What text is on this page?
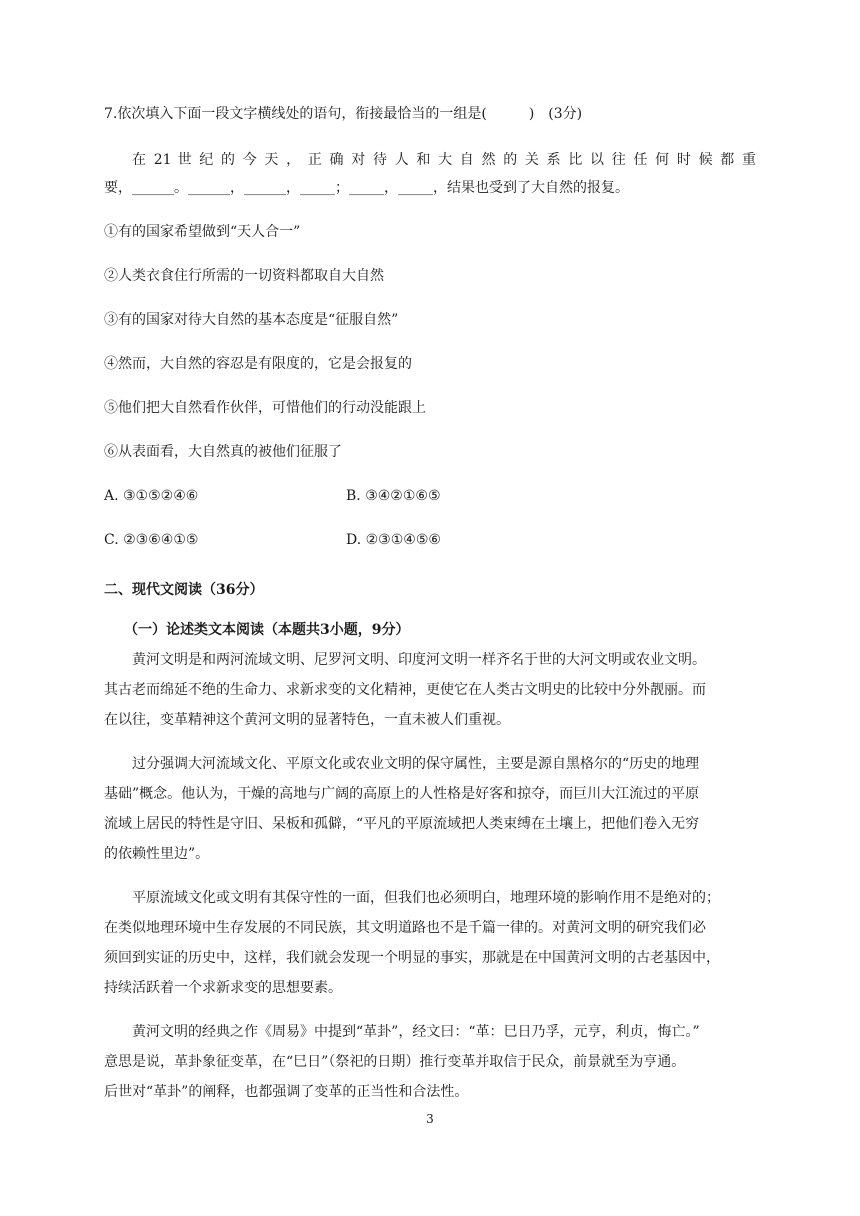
7.依次填入下面一段文字横线处的语句，衔接最恰当的一组是(　　　)　(3分)
在 21 世 纪 的 今 天 ， 正 确 对 待 人 和 大 自 然 的 关 系 比 以 往 任 何 时 候 都 重
要，______。______，______，_____；_____，_____，结果也受到了大自然的报复。
①有的国家希望做到“天人合一”
②人类衣食住行所需的一切资料都取自大自然
③有的国家对待大自然的基本态度是“征服自然”
④然而，大自然的容忍是有限度的，它是会报复的
⑤他们把大自然看作伙伴，可惜他们的行动没能跟上
⑥从表面看，大自然真的被他们征服了
A. ③①⑤②④⑥	B. ③④②①⑥⑤
C. ②③⑥④①⑤	D. ②③①④⑤⑥
二、现代文阅读（36分）
（一）论述类文本阅读（本题共3小题，9分）
黄河文明是和两河流域文明、尼罗河文明、印度河文明一样齐名于世的大河文明或农业文明。
其古老而绵延不绝的生命力、求新求变的文化精神，更使它在人类古文明史的比较中分外靓丽。而
在以往，变革精神这个黄河文明的显著特色，一直未被人们重视。
过分强调大河流域文化、平原文化或农业文明的保守属性，主要是源自黑格尔的“历史的地理
基础”概念。他认为，干燥的高地与广阔的高原上的人性格是好客和掠夺，而巨川大江流过的平原
流域上居民的特性是守旧、呆板和孤僻，“平凡的平原流域把人类束缚在土壤上，把他们卷入无穷
的依赖性里边”。
平原流域文化或文明有其保守性的一面，但我们也必须明白，地理环境的影响作用不是绝对的；
在类似地理环境中生存发展的不同民族，其文明道路也不是千篇一律的。对黄河文明的研究我们必
须回到实证的历史中，这样，我们就会发现一个明显的事实，那就是在中国黄河文明的古老基因中，
持续活跃着一个求新求变的思想要素。
黄河文明的经典之作《周易》中提到“革卦”，经文曰：“革：巳日乃孚，元亨，利贞，悔亡。”
意思是说，革卦象征变革，在“巳日”（祭祀的日期）推行变革并取信于民众，前景就至为亨通。
后世对“革卦”的阐释，也都强调了变革的正当性和合法性。
3
